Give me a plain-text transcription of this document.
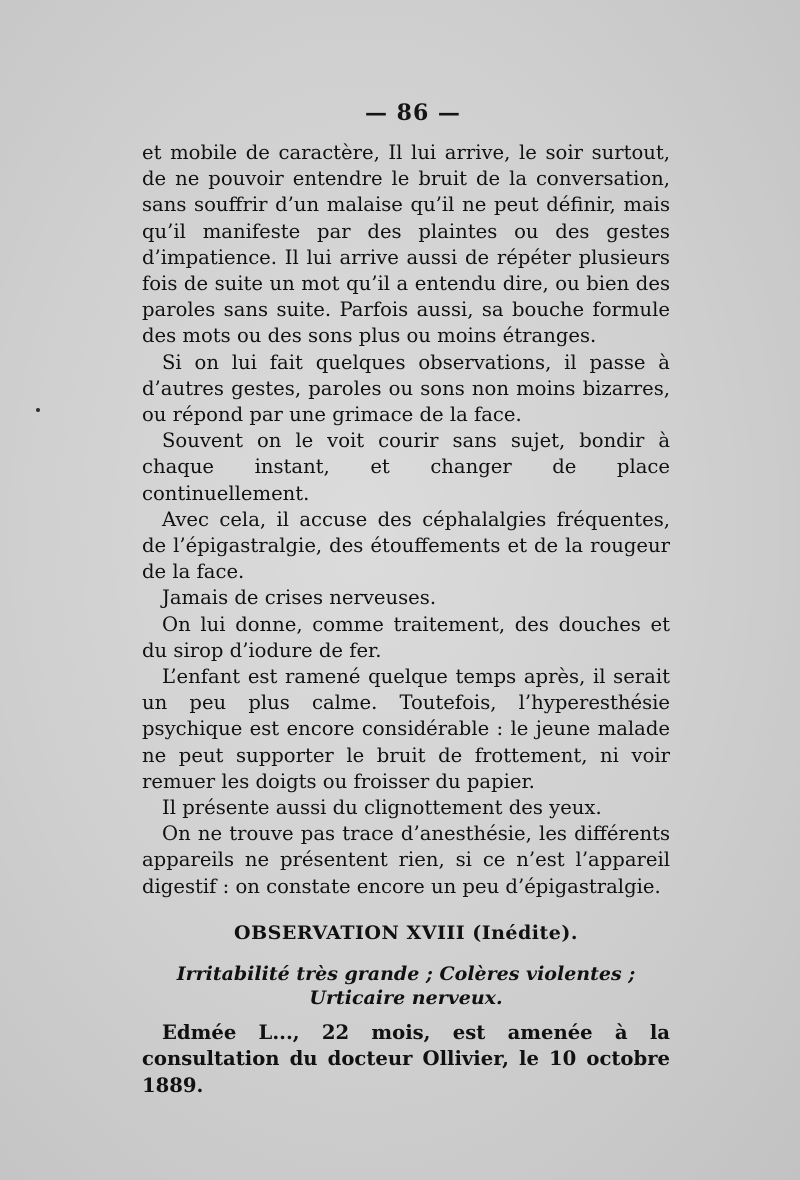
— 86 —

et mobile de caractère, Il lui arrive, le soir surtout, de ne pouvoir entendre le bruit de la conversation, sans souffrir d’un malaise qu’il ne peut définir, mais qu’il manifeste par des plaintes ou des gestes d’impatience. Il lui arrive aussi de répéter plusieurs fois de suite un mot qu’il a entendu dire, ou bien des paroles sans suite. Parfois aussi, sa bouche formule des mots ou des sons plus ou moins étranges.

Si on lui fait quelques observations, il passe à d’autres gestes, paroles ou sons non moins bizarres, ou répond par une grimace de la face.

Souvent on le voit courir sans sujet, bondir à chaque instant, et changer de place continuellement.

Avec cela, il accuse des céphalalgies fréquentes, de l’épigastralgie, des étouffements et de la rougeur de la face.

Jamais de crises nerveuses.

On lui donne, comme traitement, des douches et du sirop d’iodure de fer.

L’enfant est ramené quelque temps après, il serait un peu plus calme. Toutefois, l’hyperesthésie psychique est encore considérable : le jeune malade ne peut supporter le bruit de frottement, ni voir remuer les doigts ou froisser du papier.

Il présente aussi du clignottement des yeux.

On ne trouve pas trace d’anesthésie, les différents appareils ne présentent rien, si ce n’est l’appareil digestif : on constate encore un peu d’épigastralgie.

OBSERVATION XVIII (Inédite).
Irritabilité très grande ; Colères violentes ; Urticaire nerveux.

Edmée L..., 22 mois, est amenée à la consultation du docteur Ollivier, le 10 octobre 1889.
